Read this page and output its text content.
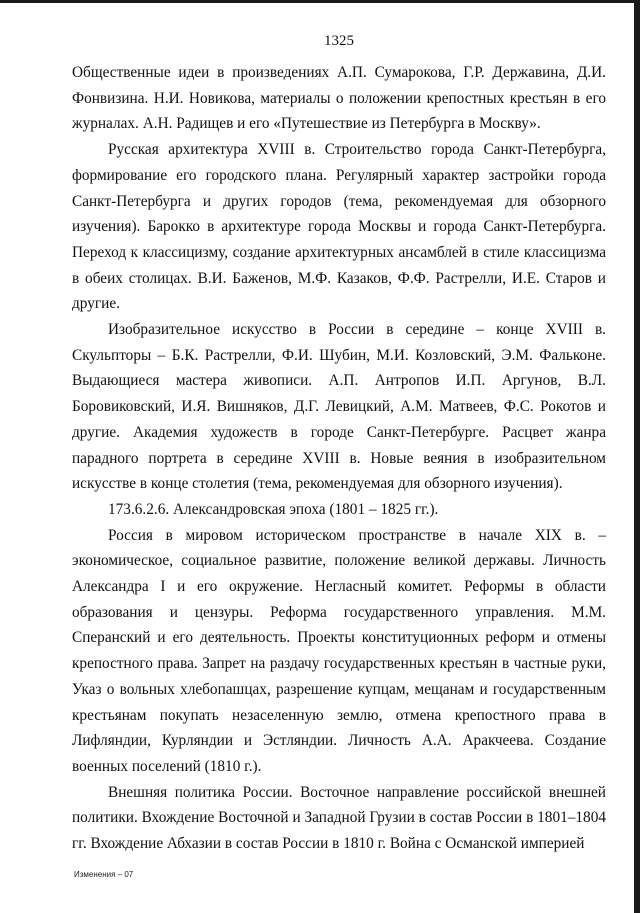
1325

Общественные идеи в произведениях А.П. Сумарокова, Г.Р. Державина, Д.И. Фонвизина. Н.И. Новикова, материалы о положении крепостных крестьян в его журналах. А.Н. Радищев и его «Путешествие из Петербурга в Москву».

Русская архитектура XVIII в. Строительство города Санкт-Петербурга, формирование его городского плана. Регулярный характер застройки города Санкт-Петербурга и других городов (тема, рекомендуемая для обзорного изучения). Барокко в архитектуре города Москвы и города Санкт-Петербурга. Переход к классицизму, создание архитектурных ансамблей в стиле классицизма в обеих столицах. В.И. Баженов, М.Ф. Казаков, Ф.Ф. Растрелли, И.Е. Старов и другие.

Изобразительное искусство в России в середине – конце XVIII в. Скульпторы – Б.К. Растрелли, Ф.И. Шубин, М.И. Козловский, Э.М. Фальконе. Выдающиеся мастера живописи. А.П. Антропов И.П. Аргунов, В.Л. Боровиковский, И.Я. Вишняков, Д.Г. Левицкий, А.М. Матвеев, Ф.С. Рокотов и другие. Академия художеств в городе Санкт-Петербурге. Расцвет жанра парадного портрета в середине XVIII в. Новые веяния в изобразительном искусстве в конце столетия (тема, рекомендуемая для обзорного изучения).

173.6.2.6. Александровская эпоха (1801 – 1825 гг.).

Россия в мировом историческом пространстве в начале XIX в. – экономическое, социальное развитие, положение великой державы. Личность Александра I и его окружение. Негласный комитет. Реформы в области образования и цензуры. Реформа государственного управления. М.М. Сперанский и его деятельность. Проекты конституционных реформ и отмены крепостного права. Запрет на раздачу государственных крестьян в частные руки, Указ о вольных хлебопашцах, разрешение купцам, мещанам и государственным крестьянам покупать незаселенную землю, отмена крепостного права в Лифляндии, Курляндии и Эстляндии. Личность А.А. Аракчеева. Создание военных поселений (1810 г.).

Внешняя политика России. Восточное направление российской внешней политики. Вхождение Восточной и Западной Грузии в состав России в 1801–1804 гг. Вхождение Абхазии в состав России в 1810 г. Война с Османской империей

Изменения – 07
